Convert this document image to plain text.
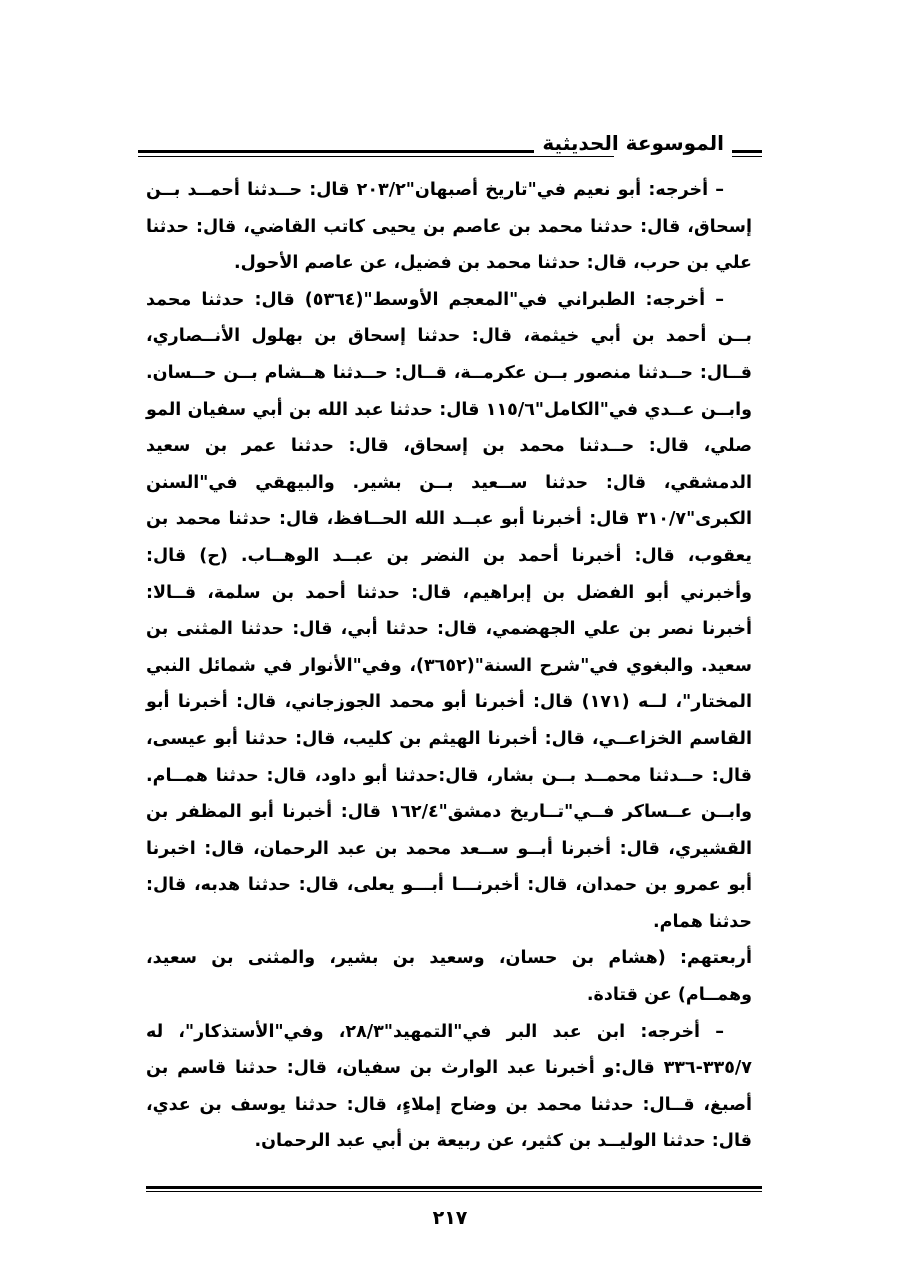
الموسوعة الحديثية

– أخرجه: أبو نعيم في"تاريخ أصبهان"٢٠٣/٢ قال: حــدثنا أحمــد بــن إسحاق، قال: حدثنا محمد بن عاصم بن يحيى كاتب القاضي، قال: حدثنا علي بن حرب، قال: حدثنا محمد بن فضيل، عن عاصم الأحول.

– أخرجه: الطبراني في"المعجم الأوسط"(٥٣٦٤) قال: حدثنا محمد بــن أحمد بن أبي خيثمة، قال: حدثنا إسحاق بن بهلول الأنــصاري، قــال: حــدثنا منصور بــن عكرمــة، قــال: حــدثنا هــشام بــن حــسان. وابــن عــدي في"الكامل"١١٥/٦ قال: حدثنا عبد الله بن أبي سفيان المو صلي، قال: حــدثنا محمد بن إسحاق، قال: حدثنا عمر بن سعيد الدمشقي، قال: حدثنا ســعيد بــن بشير. والبيهقي في"السنن الكبرى"٣١٠/٧ قال: أخبرنا أبو عبــد الله الحــافظ، قال: حدثنا محمد بن يعقوب، قال: أخبرنا أحمد بن النضر بن عبــد الوهــاب. (ح) قال: وأخبرني أبو الفضل بن إبراهيم، قال: حدثنا أحمد بن سلمة، قــالا: أخبرنا نصر بن علي الجهضمي، قال: حدثنا أبي، قال: حدثنا المثنى بن سعيد. والبغوي في"شرح السنة"(٣٦٥٢)، وفي"الأنوار في شمائل النبي المختار"، لــه (١٧١) قال: أخبرنا أبو محمد الجوزجاني، قال: أخبرنا أبو القاسم الخزاعــي، قال: أخبرنا الهيثم بن كليب، قال: حدثنا أبو عيسى، قال: حــدثنا محمــد بــن بشار، قال:حدثنا أبو داود، قال: حدثنا همــام. وابــن عــساكر فــي"تــاريخ دمشق"١٦٢/٤ قال: أخبرنا أبو المظفر بن القشيري، قال: أخبرنا أبــو ســعد محمد بن عبد الرحمان، قال: اخبرنا أبو عمرو بن حمدان، قال: أخبرنـــا أبـــو يعلى، قال: حدثنا هدبه، قال: حدثنا همام.

أربعتهم: (هشام بن حسان، وسعيد بن بشير، والمثنى بن سعيد، وهمــام) عن قتادة.

– أخرجه: ابن عبد البر في"التمهيد"٢٨/٣، وفي"الأستذكار"، له ٣٣٥/٧-٣٣٦ قال:و أخبرنا عبد الوارث بن سفيان، قال: حدثنا قاسم بن أصبغ، قــال: حدثنا محمد بن وضاح إملاءٍ، قال: حدثنا يوسف بن عدي، قال: حدثنا الوليــد بن كثير، عن ربيعة بن أبي عبد الرحمان.

٢١٧
